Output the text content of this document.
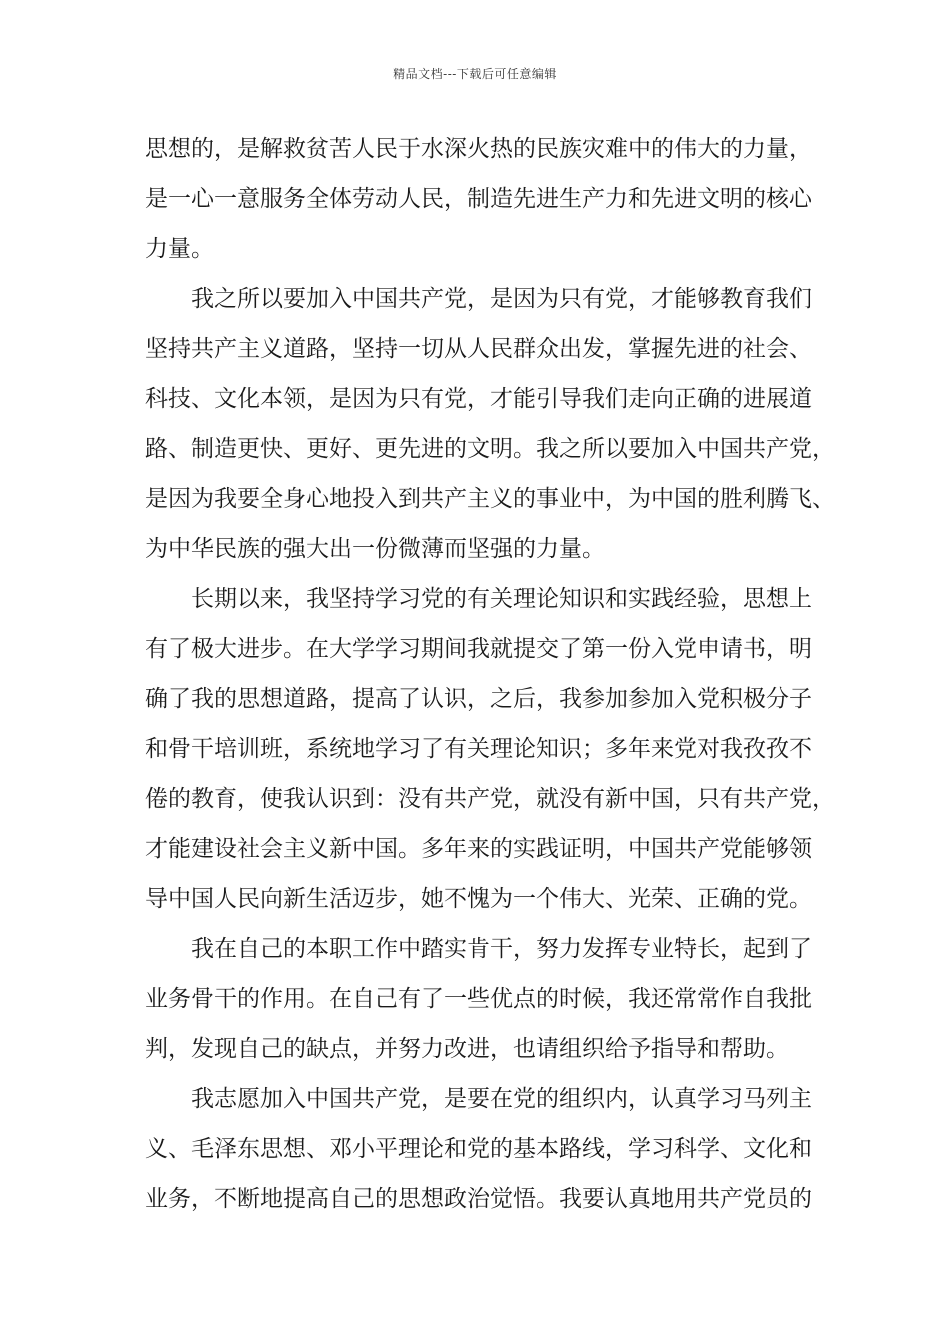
精品文档---下载后可任意编辑
思想的，是解救贫苦人民于水深火热的民族灾难中的伟大的力量，
是一心一意服务全体劳动人民，制造先进生产力和先进文明的核心
力量。
我之所以要加入中国共产党，是因为只有党，才能够教育我们
坚持共产主义道路，坚持一切从人民群众出发，掌握先进的社会、
科技、文化本领，是因为只有党，才能引导我们走向正确的进展道
路、制造更快、更好、更先进的文明。我之所以要加入中国共产党，
是因为我要全身心地投入到共产主义的事业中，为中国的胜利腾飞、
为中华民族的强大出一份微薄而坚强的力量。
长期以来，我坚持学习党的有关理论知识和实践经验，思想上
有了极大进步。在大学学习期间我就提交了第一份入党申请书，明
确了我的思想道路，提高了认识，之后，我参加参加入党积极分子
和骨干培训班，系统地学习了有关理论知识；多年来党对我孜孜不
倦的教育，使我认识到：没有共产党，就没有新中国，只有共产党，
才能建设社会主义新中国。多年来的实践证明，中国共产党能够领
导中国人民向新生活迈步，她不愧为一个伟大、光荣、正确的党。
我在自己的本职工作中踏实肯干，努力发挥专业特长，起到了
业务骨干的作用。在自己有了一些优点的时候，我还常常作自我批
判，发现自己的缺点，并努力改进，也请组织给予指导和帮助。
我志愿加入中国共产党，是要在党的组织内，认真学习马列主
义、毛泽东思想、邓小平理论和党的基本路线，学习科学、文化和
业务，不断地提高自己的思想政治觉悟。我要认真地用共产党员的
